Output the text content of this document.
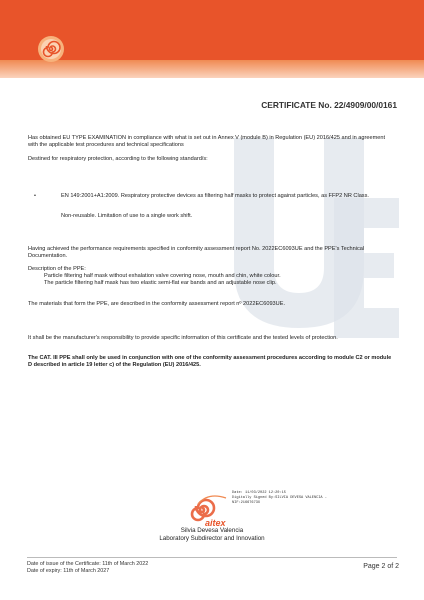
CERTIFICATE No. 22/4909/00/0161

Has obtained EU TYPE EXAMINATION in compliance with what is set out in Annex V (module B) in Regulation (EU) 2016/425 and in agreement with the applicable test procedures and technical specifications

Destined for respiratory protection, according to the following standard/s:

•	EN 149:2001+A1:2009. Respiratory protective devices as filtering half masks to protect against particles, as FFP2 NR Class.

Non-reusable. Limitation of use to a single work shift.

Having achieved the performance requirements specified in conformity assessment report No. 2022EC6093UE and the PPE's Technical Documentation.

Description of the PPE:

Particle filtering half mask without exhalation valve covering nose, mouth and chin, white colour.

The particle filtering half mask has two elastic semi-flat ear bands and an adjustable nose clip.

The materials that form the PPE, are described in the conformity assessment report nº 2022EC6093UE.

It shall be the manufacturer's responsibility to provide specific information of this certificate and the tested levels of protection.

The CAT. III PPE shall only be used in conjunction with one of the conformity assessment procedures according to module C2 or module D described in article 19 letter c) of the Regulation (EU) 2016/425.

aitex
Date: 11/03/2022 12:20:15
Digitally Signed By:SILVIA DEVESA VALENCIA -
NIF:21667673X
Silvia Devesa Valencia
Laboratory Subdirector and Innovation
Date of issue of the Certificate: 11th of March 2022
Date of expiry: 11th of March 2027
Page 2 of 2
